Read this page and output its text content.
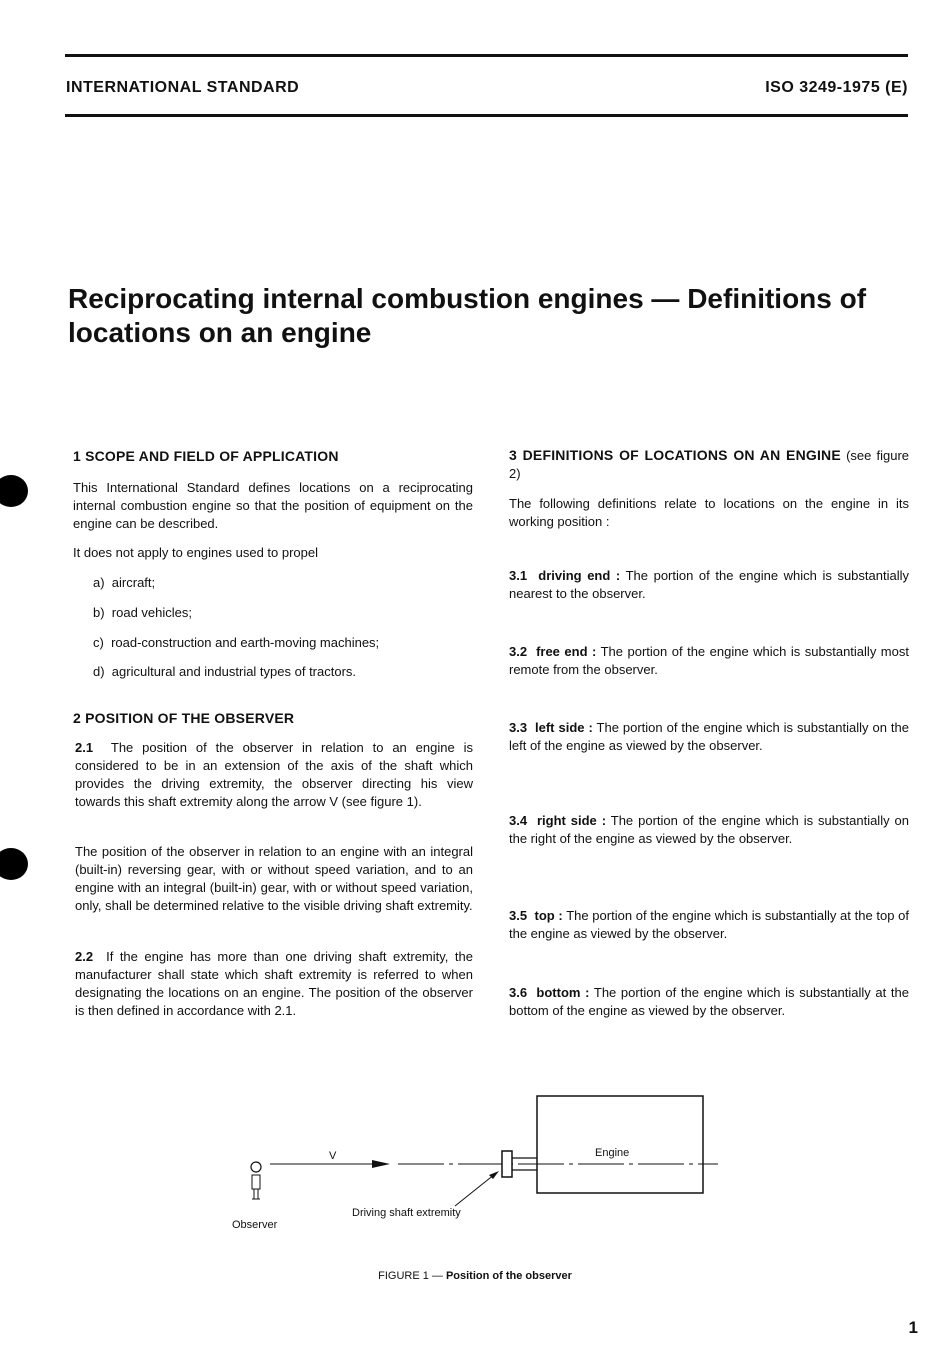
INTERNATIONAL STANDARD	ISO 3249-1975 (E)
Reciprocating internal combustion engines — Definitions of
locations on an engine
1 SCOPE AND FIELD OF APPLICATION

This International Standard defines locations on a reciprocating internal combustion engine so that the position of equipment on the engine can be described.

It does not apply to engines used to propel

a) aircraft;
b) road vehicles;
c) road-construction and earth-moving machines;
d) agricultural and industrial types of tractors.
2 POSITION OF THE OBSERVER

2.1 The position of the observer in relation to an engine is considered to be in an extension of the axis of the shaft which provides the driving extremity, the observer directing his view towards this shaft extremity along the arrow V (see figure 1).

The position of the observer in relation to an engine with an integral (built-in) reversing gear, with or without speed variation, and to an engine with an integral (built-in) gear, with or without speed variation, only, shall be determined relative to the visible driving shaft extremity.

2.2 If the engine has more than one driving shaft extremity, the manufacturer shall state which shaft extremity is referred to when designating the locations on an engine. The position of the observer is then defined in accordance with 2.1.

3 DEFINITIONS OF LOCATIONS ON AN ENGINE (see figure 2)

The following definitions relate to locations on the engine in its working position :

3.1 driving end : The portion of the engine which is substantially nearest to the observer.

3.2 free end : The portion of the engine which is substantially most remote from the observer.

3.3 left side : The portion of the engine which is substantially on the left of the engine as viewed by the observer.

3.4 right side : The portion of the engine which is substantially on the right of the engine as viewed by the observer.

3.5 top : The portion of the engine which is substantially at the top of the engine as viewed by the observer.

3.6 bottom : The portion of the engine which is substantially at the bottom of the engine as viewed by the observer.

V	Engine
Driving shaft extremity
Observer
FIGURE 1 — Position of the observer
1
